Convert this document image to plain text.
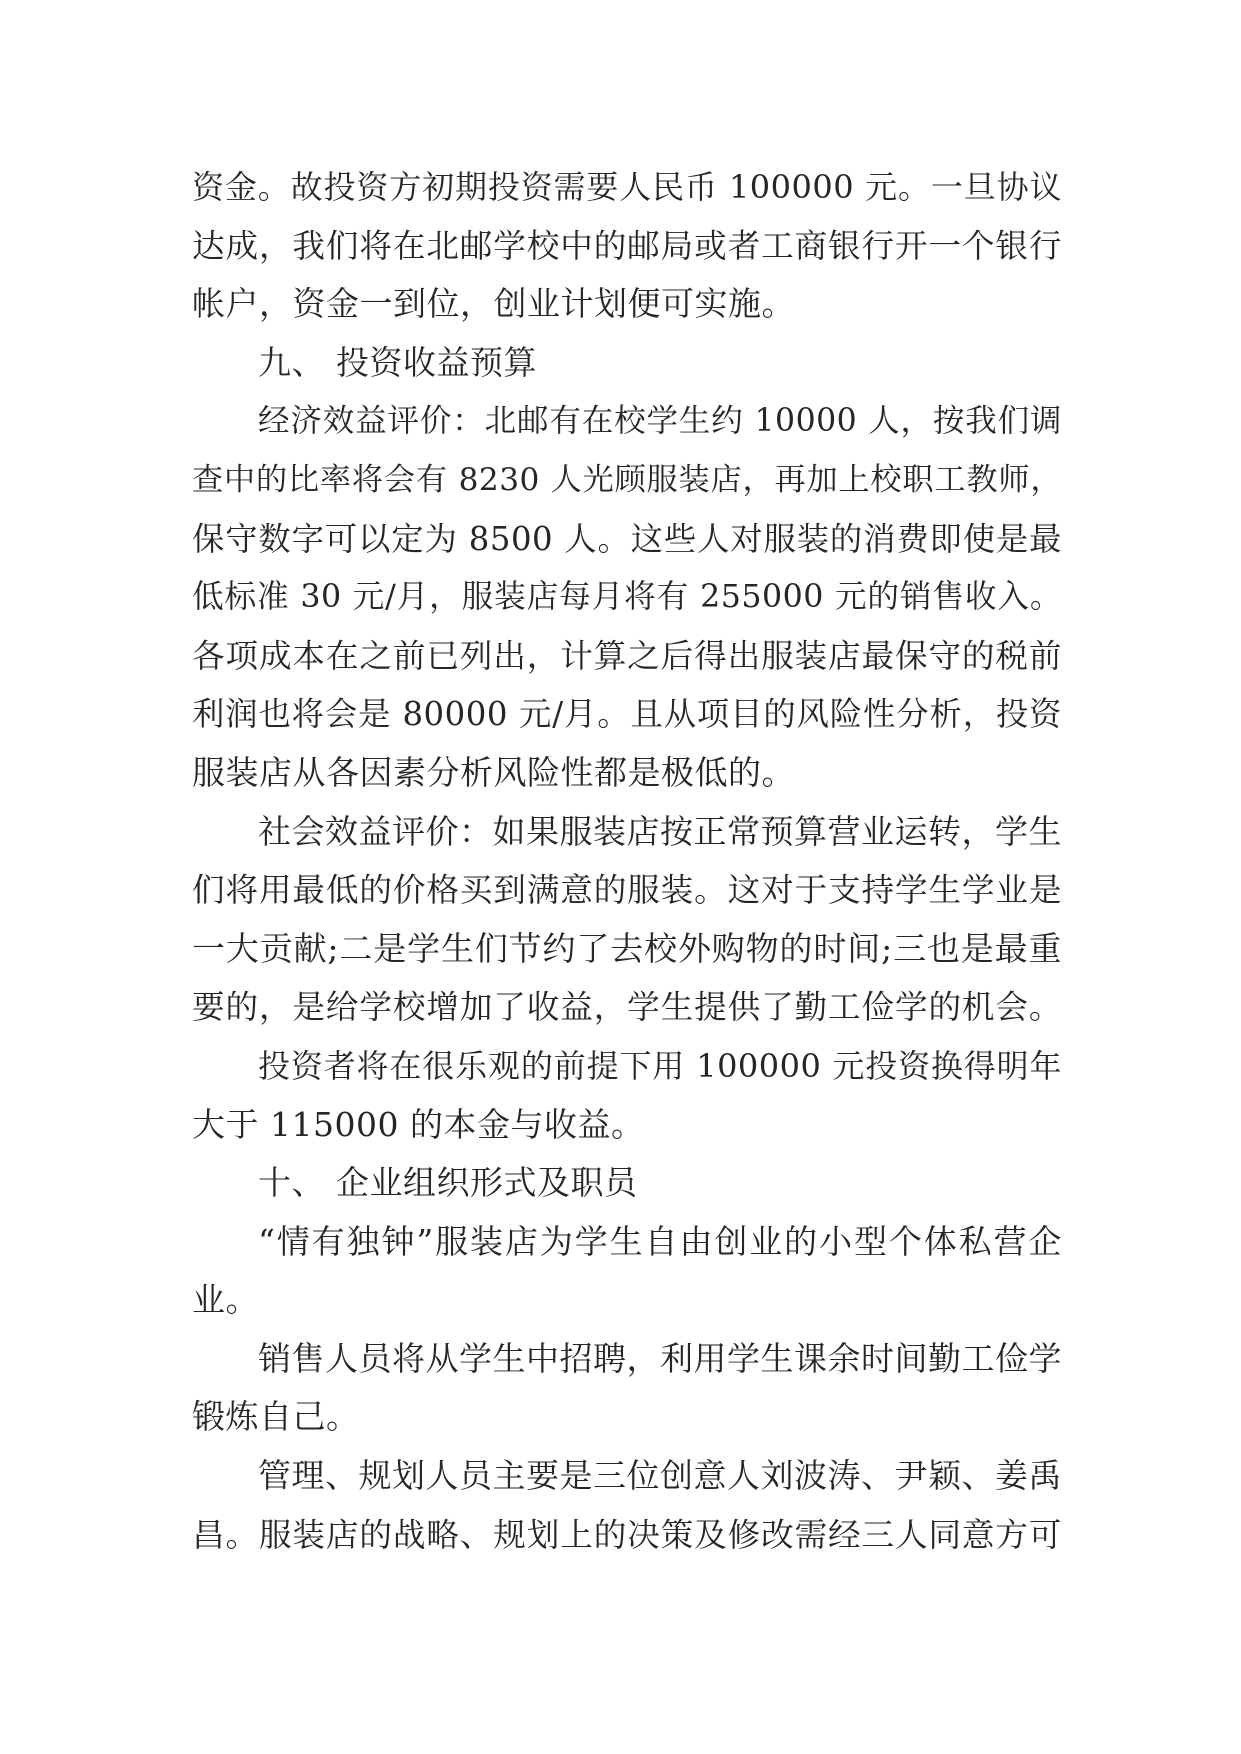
资金。故投资方初期投资需要人民币 100000 元。一旦协议
达成，我们将在北邮学校中的邮局或者工商银行开一个银行
帐户，资金一到位，创业计划便可实施。
九、 投资收益预算
经济效益评价：北邮有在校学生约 10000 人，按我们调
查中的比率将会有 8230 人光顾服装店，再加上校职工教师，
保守数字可以定为 8500 人。这些人对服装的消费即使是最
低标准 30 元/月，服装店每月将有 255000 元的销售收入。
各项成本在之前已列出，计算之后得出服装店最保守的税前
利润也将会是 80000 元/月。且从项目的风险性分析，投资
服装店从各因素分析风险性都是极低的。
社会效益评价：如果服装店按正常预算营业运转，学生
们将用最低的价格买到满意的服装。这对于支持学生学业是
一大贡献;二是学生们节约了去校外购物的时间;三也是最重
要的，是给学校增加了收益，学生提供了勤工俭学的机会。
投资者将在很乐观的前提下用 100000 元投资换得明年
大于 115000 的本金与收益。
十、 企业组织形式及职员
“情有独钟”服装店为学生自由创业的小型个体私营企
业。
销售人员将从学生中招聘，利用学生课余时间勤工俭学
锻炼自己。
管理、规划人员主要是三位创意人刘波涛、尹颖、姜禹
昌。服装店的战略、规划上的决策及修改需经三人同意方可
